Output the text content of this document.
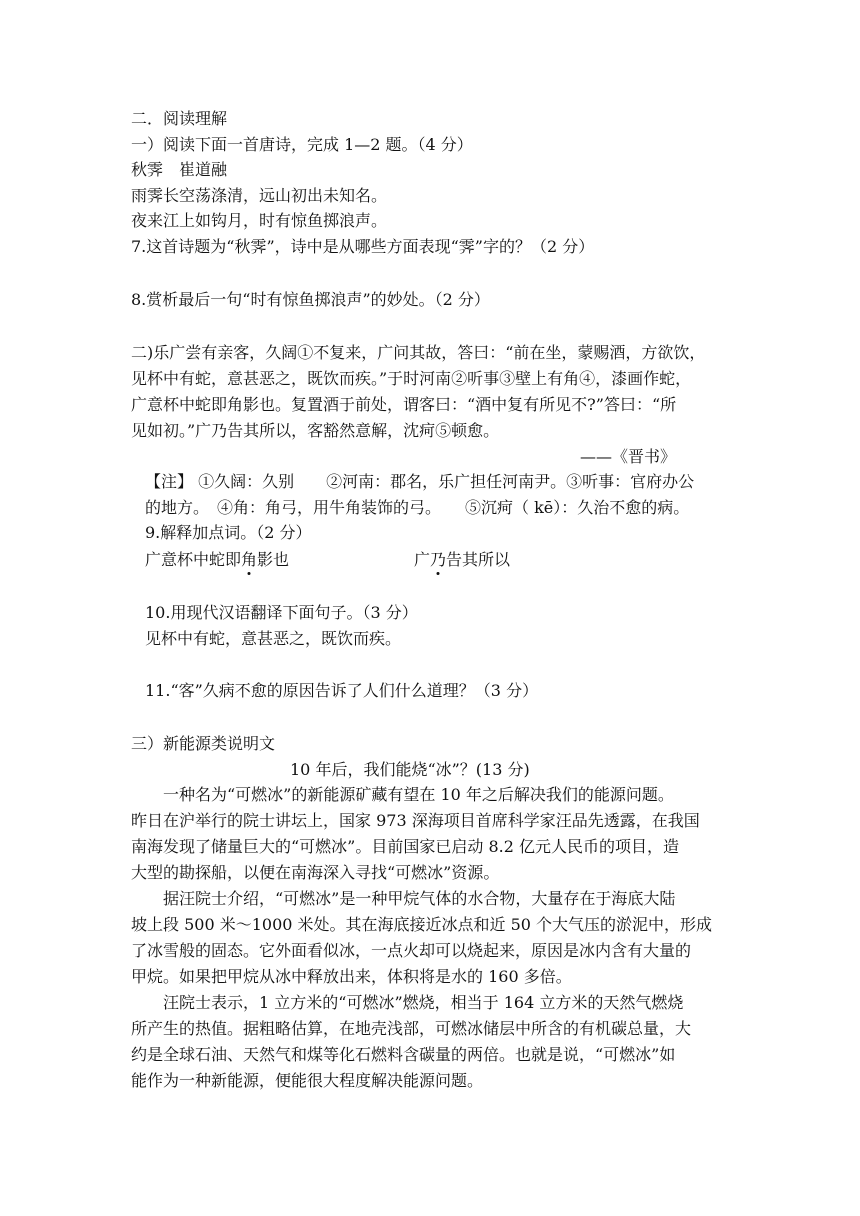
二．阅读理解
一）阅读下面一首唐诗，完成 1—2 题。（4 分）
秋霁　崔道融
雨霁长空荡涤清，远山初出未知名。
夜来江上如钩月，时有惊鱼掷浪声。
7.这首诗题为“秋霁”，诗中是从哪些方面表现“霁”字的？（2 分）
8.赏析最后一句“时有惊鱼掷浪声”的妙处。（2 分）
二)乐广尝有亲客，久阔①不复来，广问其故，答曰：“前在坐，蒙赐酒，方欲饮，
见杯中有蛇，意甚恶之，既饮而疾。”于时河南②听事③壁上有角④，漆画作蛇，
广意杯中蛇即角影也。复置酒于前处，谓客曰：“酒中复有所见不?”答曰：“所
见如初。”广乃告其所以，客豁然意解，沈疴⑤顿愈。
——《晋书》
【注】 ①久阔：久别　　②河南：郡名，乐广担任河南尹。③听事：官府办公
的地方。　④角：角弓，用牛角装饰的弓。　　⑤沉疴（ kē）：久治不愈的病。
9.解释加点词。（2 分）
广意杯中蛇即角影也	广乃告其所以
10.用现代汉语翻译下面句子。（3 分）
见杯中有蛇，意甚恶之，既饮而疾。
11.“客”久病不愈的原因告诉了人们什么道理？（3 分）
三）新能源类说明文
10 年后，我们能烧“冰”？(13 分)
一种名为“可燃冰”的新能源矿藏有望在 10 年之后解决我们的能源问题。
昨日在沪举行的院士讲坛上，国家 973 深海项目首席科学家汪品先透露，在我国
南海发现了储量巨大的“可燃冰”。目前国家已启动 8.2 亿元人民币的项目，造
大型的勘探船，以便在南海深入寻找“可燃冰”资源。
据汪院士介绍，“可燃冰”是一种甲烷气体的水合物，大量存在于海底大陆
坡上段 500 米～1000 米处。其在海底接近冰点和近 50 个大气压的淤泥中，形成
了冰雪般的固态。它外面看似冰，一点火却可以烧起来，原因是冰内含有大量的
甲烷。如果把甲烷从冰中释放出来，体积将是水的 160 多倍。
汪院士表示，1 立方米的“可燃冰”燃烧，相当于 164 立方米的天然气燃烧
所产生的热值。据粗略估算，在地壳浅部，可燃冰储层中所含的有机碳总量，大
约是全球石油、天然气和煤等化石燃料含碳量的两倍。也就是说，“可燃冰”如
能作为一种新能源，便能很大程度解决能源问题。
